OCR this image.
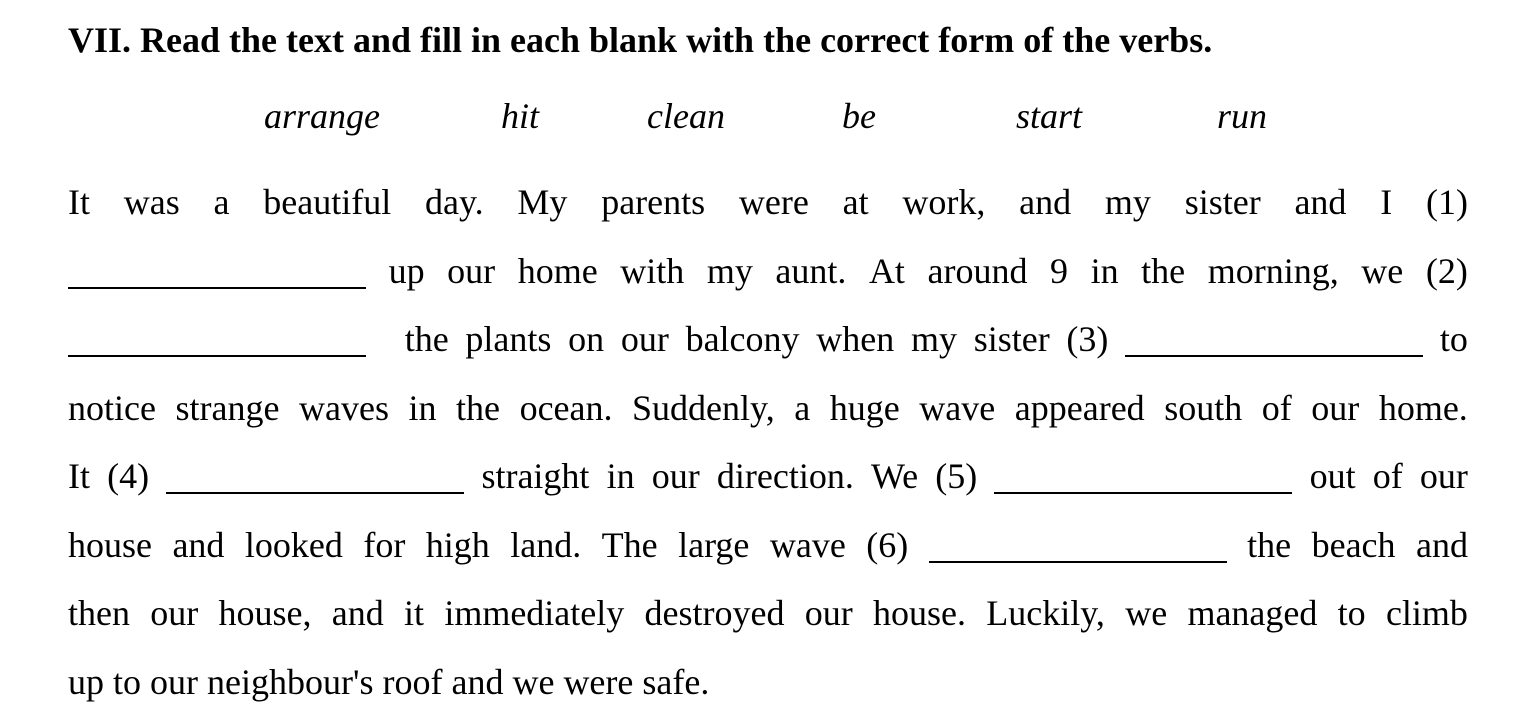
VII. Read the text and fill in each blank with the correct form of the verbs.
arrange	hit	clean	be	start	run
It was a beautiful day. My parents were at work, and my sister and I (1)
up our home with my aunt. At around 9 in the morning, we (2)
the plants on our balcony when my sister (3)	to
notice strange waves in the ocean. Suddenly, a huge wave appeared south of our home.
It (4)	straight in our direction. We (5)	out of our
house and looked for high land. The large wave (6)	the beach and
then our house, and it immediately destroyed our house. Luckily, we managed to climb
up to our neighbour's roof and we were safe.
